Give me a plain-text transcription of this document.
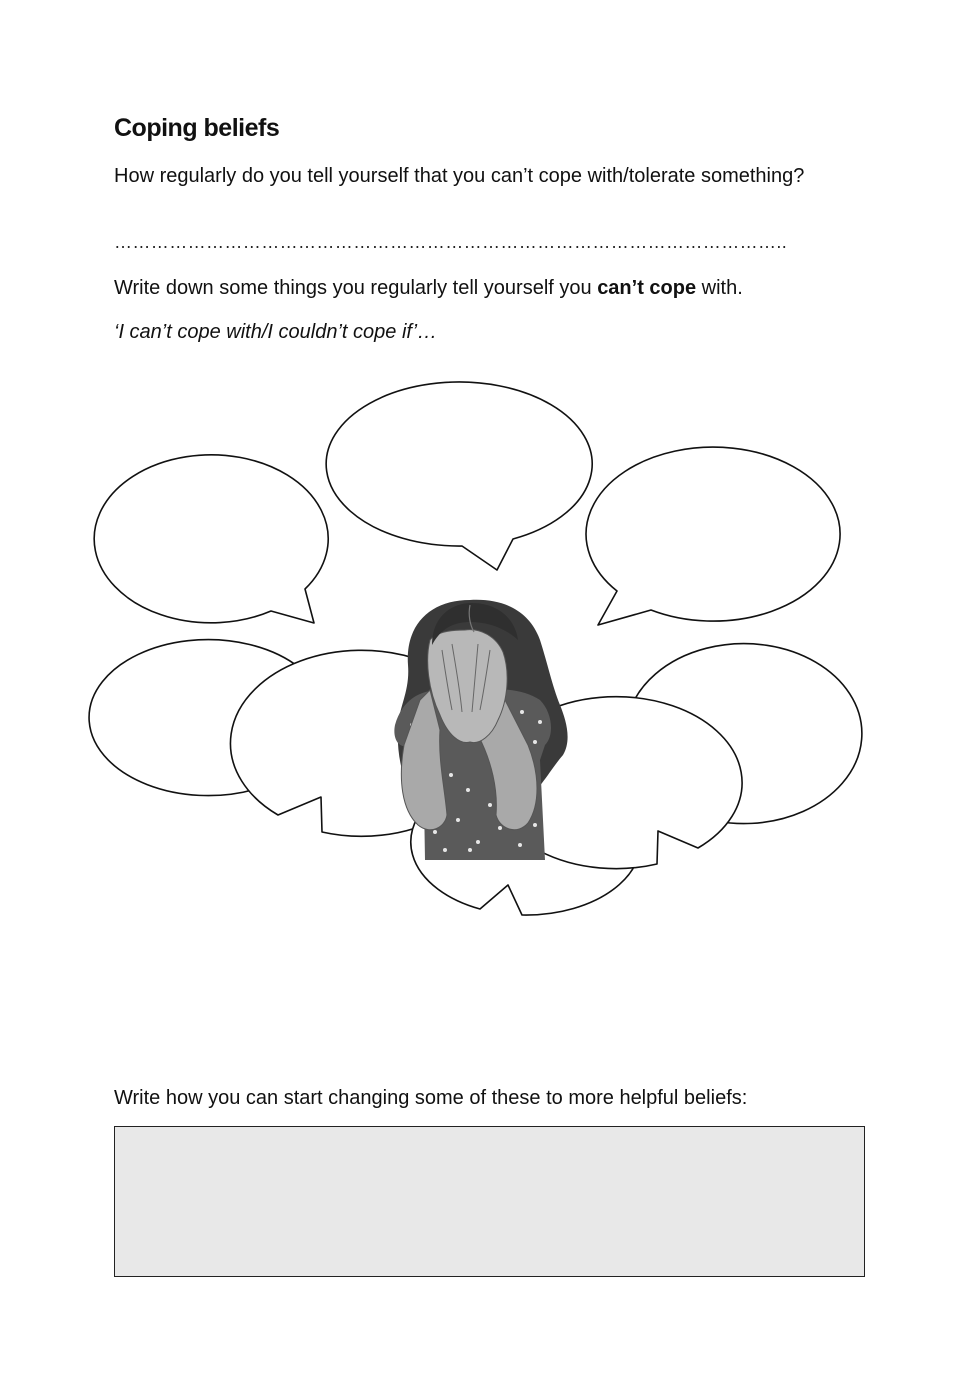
Coping beliefs

How regularly do you tell yourself that you can’t cope with/tolerate something?

………………………………………………………………………………………………..

Write down some things you regularly tell yourself you can’t cope with.

‘I can’t cope with/I couldn’t cope if’…

Write how you can start changing some of these to more helpful beliefs:
